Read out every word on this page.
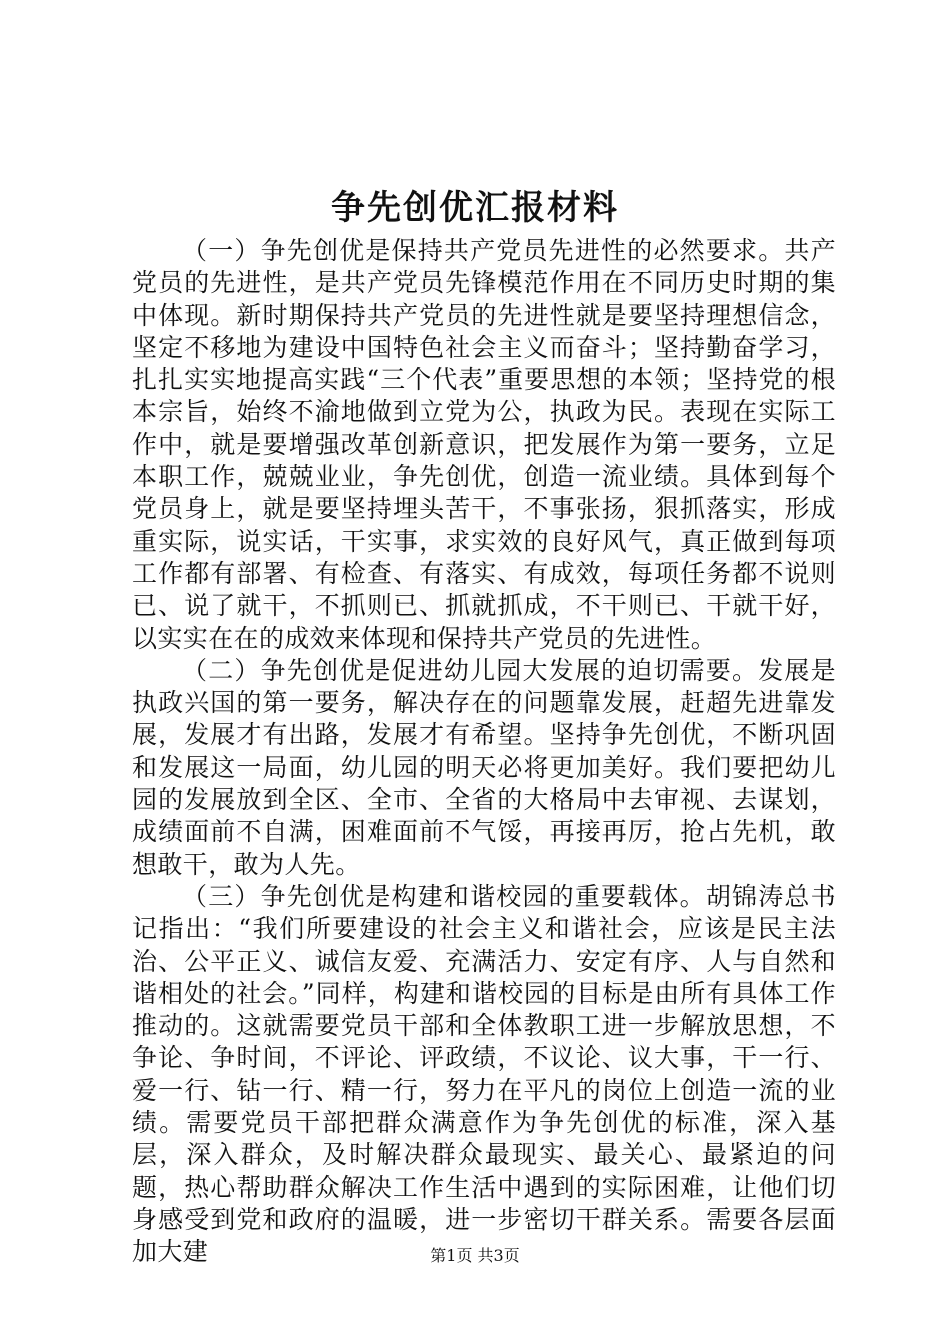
争先创优汇报材料

（一）争先创优是保持共产党员先进性的必然要求。共产党员的先进性，是共产党员先锋模范作用在不同历史时期的集中体现。新时期保持共产党员的先进性就是要坚持理想信念，坚定不移地为建设中国特色社会主义而奋斗；坚持勤奋学习，扎扎实实地提高实践“三个代表”重要思想的本领；坚持党的根本宗旨，始终不渝地做到立党为公，执政为民。表现在实际工作中，就是要增强改革创新意识，把发展作为第一要务，立足本职工作，兢兢业业，争先创优，创造一流业绩。具体到每个党员身上，就是要坚持埋头苦干，不事张扬，狠抓落实，形成重实际，说实话，干实事，求实效的良好风气，真正做到每项工作都有部署、有检查、有落实、有成效，每项任务都不说则已、说了就干，不抓则已、抓就抓成，不干则已、干就干好，以实实在在的成效来体现和保持共产党员的先进性。

（二）争先创优是促进幼儿园大发展的迫切需要。发展是执政兴国的第一要务，解决存在的问题靠发展，赶超先进靠发展，发展才有出路，发展才有希望。坚持争先创优，不断巩固和发展这一局面，幼儿园的明天必将更加美好。我们要把幼儿园的发展放到全区、全市、全省的大格局中去审视、去谋划，成绩面前不自满，困难面前不气馁，再接再厉，抢占先机，敢想敢干，敢为人先。

（三）争先创优是构建和谐校园的重要载体。胡锦涛总书记指出：“我们所要建设的社会主义和谐社会，应该是民主法治、公平正义、诚信友爱、充满活力、安定有序、人与自然和谐相处的社会。”同样，构建和谐校园的目标是由所有具体工作推动的。这就需要党员干部和全体教职工进一步解放思想，不争论、争时间，不评论、评政绩，不议论、议大事，干一行、爱一行、钻一行、精一行，努力在平凡的岗位上创造一流的业绩。需要党员干部把群众满意作为争先创优的标准，深入基层，深入群众，及时解决群众最现实、最关心、最紧迫的问题，热心帮助群众解决工作生活中遇到的实际困难，让他们切身感受到党和政府的温暖，进一步密切干群关系。需要各层面加大建	第1页 共3页
